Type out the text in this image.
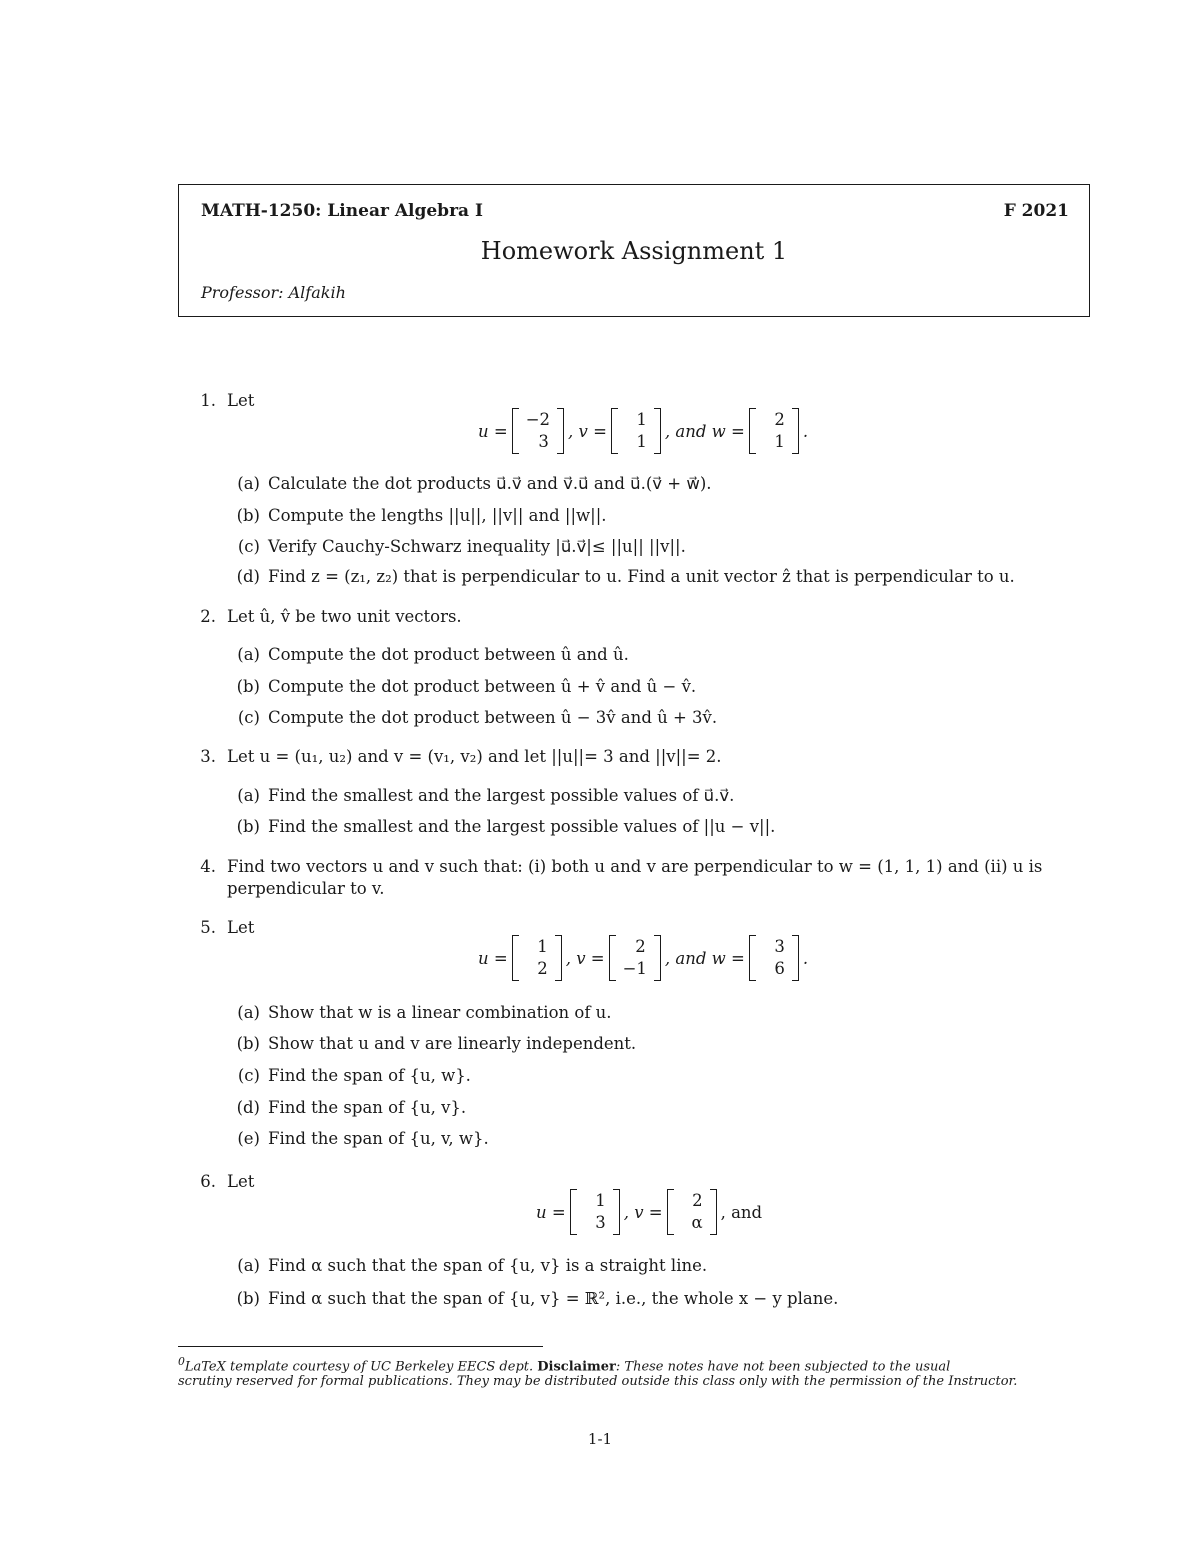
MATH-1250: Linear Algebra I	F 2021
Homework Assignment 1
Professor: Alfakih
1. Let
u =
−2
3
, v =
1
1
, and w =
2
1
.
(a) Calculate the dot products u⃗.v⃗ and v⃗.u⃗ and u⃗.(v⃗ + w⃗).
(b) Compute the lengths ||u||, ||v|| and ||w||.
(c) Verify Cauchy-Schwarz inequality |u⃗.v⃗|≤ ||u|| ||v||.
(d) Find z = (z₁, z₂) that is perpendicular to u. Find a unit vector ẑ that is perpendicular to u.
2. Let û, v̂ be two unit vectors.
(a) Compute the dot product between û and û.
(b) Compute the dot product between û + v̂ and û − v̂.
(c) Compute the dot product between û − 3v̂ and û + 3v̂.
3. Let u = (u₁, u₂) and v = (v₁, v₂) and let ||u||= 3 and ||v||= 2.
(a) Find the smallest and the largest possible values of u⃗.v⃗.
(b) Find the smallest and the largest possible values of ||u − v||.
4. Find two vectors u and v such that: (i) both u and v are perpendicular to w = (1, 1, 1) and (ii) u is
perpendicular to v.
5. Let
u =
1
2
, v =
2
−1
, and w =
3
6
.
(a) Show that w is a linear combination of u.
(b) Show that u and v are linearly independent.
(c) Find the span of {u, w}.
(d) Find the span of {u, v}.
(e) Find the span of {u, v, w}.
6. Let
u =
1
3
, v =
2
α
, and
(a) Find α such that the span of {u, v} is a straight line.
(b) Find α such that the span of {u, v} = ℝ², i.e., the whole x − y plane.
$^0$LaTeX template courtesy of UC Berkeley EECS dept. Disclaimer: These notes have not been subjected to the usual
scrutiny reserved for formal publications. They may be distributed outside this class only with the permission of the Instructor.
1-1
